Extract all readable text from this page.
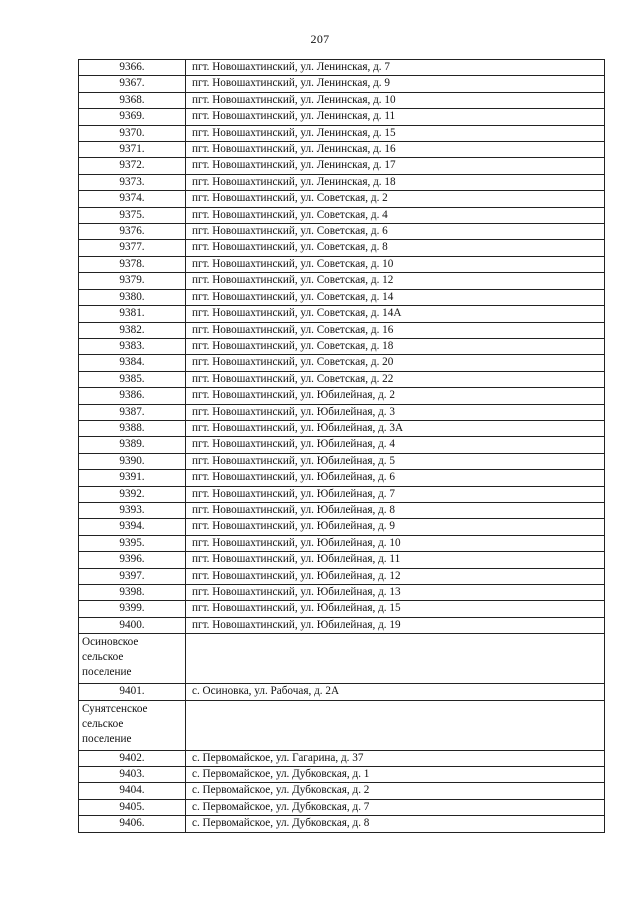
207
9366.	пгт. Новошахтинский, ул. Ленинская, д. 7
9367.	пгт. Новошахтинский, ул. Ленинская, д. 9
9368.	пгт. Новошахтинский, ул. Ленинская, д. 10
9369.	пгт. Новошахтинский, ул. Ленинская, д. 11
9370.	пгт. Новошахтинский, ул. Ленинская, д. 15
9371.	пгт. Новошахтинский, ул. Ленинская, д. 16
9372.	пгт. Новошахтинский, ул. Ленинская, д. 17
9373.	пгт. Новошахтинский, ул. Ленинская, д. 18
9374.	пгт. Новошахтинский, ул. Советская, д. 2
9375.	пгт. Новошахтинский, ул. Советская, д. 4
9376.	пгт. Новошахтинский, ул. Советская, д. 6
9377.	пгт. Новошахтинский, ул. Советская, д. 8
9378.	пгт. Новошахтинский, ул. Советская, д. 10
9379.	пгт. Новошахтинский, ул. Советская, д. 12
9380.	пгт. Новошахтинский, ул. Советская, д. 14
9381.	пгт. Новошахтинский, ул. Советская, д. 14А
9382.	пгт. Новошахтинский, ул. Советская, д. 16
9383.	пгт. Новошахтинский, ул. Советская, д. 18
9384.	пгт. Новошахтинский, ул. Советская, д. 20
9385.	пгт. Новошахтинский, ул. Советская, д. 22
9386.	пгт. Новошахтинский, ул. Юбилейная, д. 2
9387.	пгт. Новошахтинский, ул. Юбилейная, д. 3
9388.	пгт. Новошахтинский, ул. Юбилейная, д. 3А
9389.	пгт. Новошахтинский, ул. Юбилейная, д. 4
9390.	пгт. Новошахтинский, ул. Юбилейная, д. 5
9391.	пгт. Новошахтинский, ул. Юбилейная, д. 6
9392.	пгт. Новошахтинский, ул. Юбилейная, д. 7
9393.	пгт. Новошахтинский, ул. Юбилейная, д. 8
9394.	пгт. Новошахтинский, ул. Юбилейная, д. 9
9395.	пгт. Новошахтинский, ул. Юбилейная, д. 10
9396.	пгт. Новошахтинский, ул. Юбилейная, д. 11
9397.	пгт. Новошахтинский, ул. Юбилейная, д. 12
9398.	пгт. Новошахтинский, ул. Юбилейная, д. 13
9399.	пгт. Новошахтинский, ул. Юбилейная, д. 15
9400.	пгт. Новошахтинский, ул. Юбилейная, д. 19

Осиновское
сельское
поселение	

9401.	с. Осиновка, ул. Рабочая, д. 2А

Сунятсенское
сельское
поселение	

9402.	с. Первомайское, ул. Гагарина, д. 37
9403.	с. Первомайское, ул. Дубковская, д. 1
9404.	с. Первомайское, ул. Дубковская, д. 2
9405.	с. Первомайское, ул. Дубковская, д. 7
9406.	с. Первомайское, ул. Дубковская, д. 8
